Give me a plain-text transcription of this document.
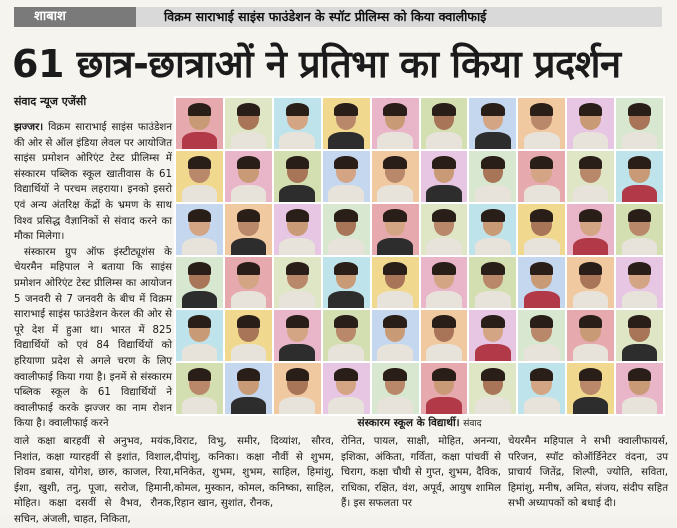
शाबाश	विक्रम साराभाई साइंस फाउंडेशन के स्पॉट प्रीलिम्स को किया क्वालीफाई
61 छात्र-छात्राओं ने प्रतिभा का किया प्रदर्शन
संवाद न्यूज एजेंसी

झज्जर। विक्रम साराभाई साइंस फाउंडेशन की ओर से ऑल इंडिया लेवल पर आयोजित साइंस प्रमोशन ओरिएंट टेस्ट प्रीलिम्स में संस्कारम पब्लिक स्कूल खातीवास के 61 विद्यार्थियों ने परचम लहराया। इनको इसरो एवं अन्य अंतरिक्ष केंद्रों के भ्रमण के साथ विश्व प्रसिद्ध वैज्ञानिकों से संवाद करने का मौका मिलेगा।

संस्कारम ग्रुप ऑफ इंस्टीट्यूशंस के चेयरमैन महिपाल ने बताया कि साइंस प्रमोशन ओरिएंट टेस्ट प्रीलिम्स का आयोजन 5 जनवरी से 7 जनवरी के बीच में विक्रम साराभाई साइंस फाउंडेशन केरल की ओर से पूरे देश में हुआ था। भारत में 825 विद्यार्थियों को एवं 84 विद्यार्थियों को हरियाणा प्रदेश से अगले चरण के लिए क्वालीफाई किया गया है। इनमें से संस्कारम पब्लिक स्कूल के 61 विद्यार्थियों ने क्वालीफाई करके झज्जर का नाम रोशन किया है। क्वालीफाई करने	संस्कारम स्कूल के विद्यार्थी। संवाद
वाले कक्षा बारहवीं से अनुभव, मयंक, निशांत, कक्षा ग्यारहवीं से इशांत, विशाल, शिवम डबास, योगेश, छारु, काजल, रिया, ईशा, खुशी, तनु, पूजा, सरोज, हिमानी, मोहित। कक्षा दसवीं से वैभव, रौनक, सचिन, अंजली, चाहत, निकिता,
विराट, विभु, समीर, दिव्यांश, सौरव, दीपांशु, कनिका। कक्षा नौवीं से शुभम, मनिकेत, शुभम, शुभम, साहिल, हिमांशु, कोमल, मुस्कान, कोमल, कनिष्का, साहिल, रिहान खान, सुशांत, रौनक,
रोनित, पायल, साक्षी, मोहित, अनन्या, इशिका, अंकिता, गर्विता, कक्षा पांचवीं से चिराग, कक्षा चौथी से गुप्त, शुभम, दैविक, राधिका, रक्षित, वंश, अपूर्व, आयुष शामिल हैं। इस सफलता पर
चेयरमैन महिपाल ने सभी क्वालीफायर्स, परिजन, स्पॉट कोऑर्डिनेटर वंदना, उप प्राचार्य जितेंद्र, शिल्पी, ज्योति, सविता, हिमांशु, मनीष, अमित, संजय, संदीप सहित सभी अध्यापकों को बधाई दी।
